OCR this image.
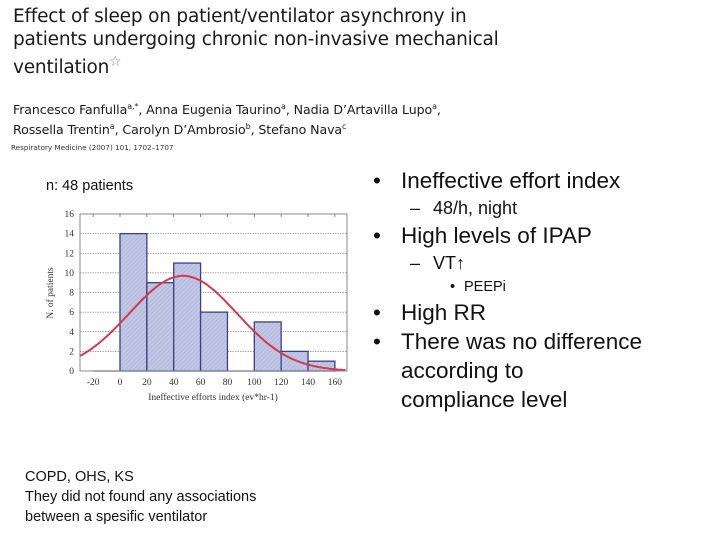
Effect of sleep on patient/ventilator asynchrony in
patients undergoing chronic non-invasive mechanical
ventilation☆
Francesco Fanfulla$^{a,*}$, Anna Eugenia Taurino$^a$, Nadia D’Artavilla Lupo$^a$,
Rossella Trentin$^a$, Carolyn D’Ambrosio$^b$, Stefano Nava$^c$
Respiratory Medicine (2007) 101, 1702–1707
n: 48 patients
0
2
4
6
8
10
12
14
16
-20 0 20 40 60 80 100 120 140 160
Ineffective efforts index (ev*hr-1)
N. of patients
• Ineffective effort index
– 48/h, night
• High levels of IPAP
– VT↑
• PEEPi
• High RR
• There was no difference
according to
compliance level
COPD, OHS, KS
They did not found any associations
between a spesific ventilator
